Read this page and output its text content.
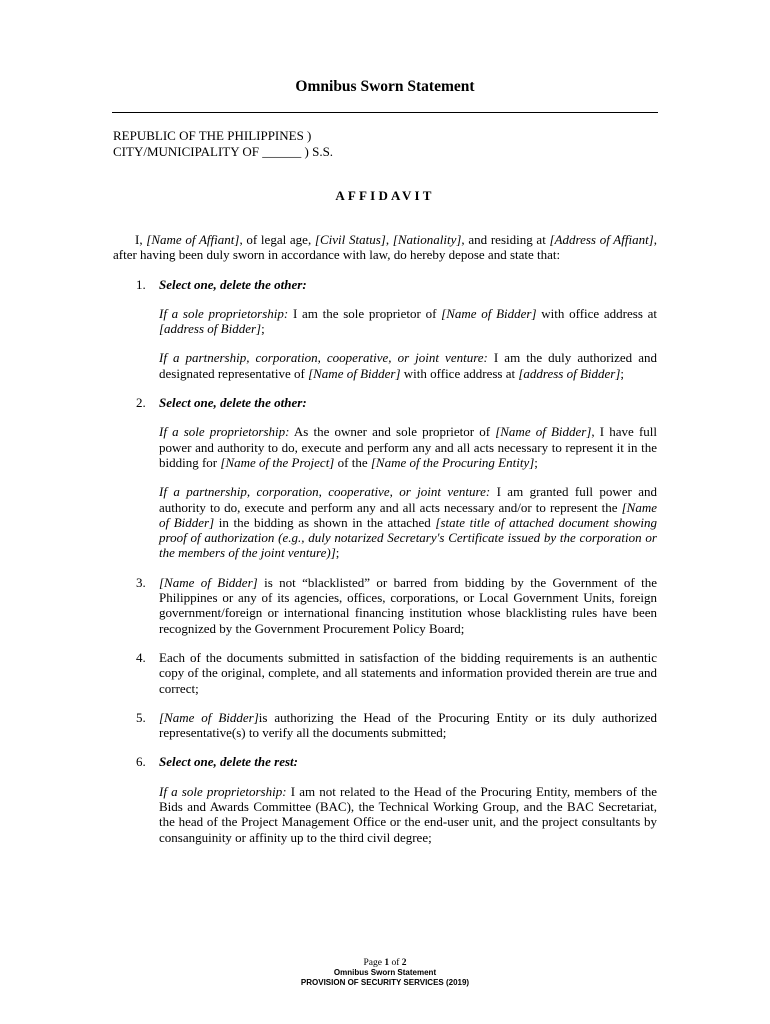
Omnibus Sworn Statement
REPUBLIC OF THE PHILIPPINES )
CITY/MUNICIPALITY OF ______ ) S.S.
AFFIDAVIT

I, [Name of Affiant], of legal age, [Civil Status], [Nationality], and residing at [Address of Affiant], after having been duly sworn in accordance with law, do hereby depose and state that:

1. Select one, delete the other:

If a sole proprietorship: I am the sole proprietor of [Name of Bidder] with office address at [address of Bidder];

If a partnership, corporation, cooperative, or joint venture: I am the duly authorized and designated representative of [Name of Bidder] with office address at [address of Bidder];

2. Select one, delete the other:

If a sole proprietorship: As the owner and sole proprietor of [Name of Bidder], I have full power and authority to do, execute and perform any and all acts necessary to represent it in the bidding for [Name of the Project] of the [Name of the Procuring Entity];

If a partnership, corporation, cooperative, or joint venture: I am granted full power and authority to do, execute and perform any and all acts necessary and/or to represent the [Name of Bidder] in the bidding as shown in the attached [state title of attached document showing proof of authorization (e.g., duly notarized Secretary's Certificate issued by the corporation or the members of the joint venture)];

3. [Name of Bidder] is not “blacklisted” or barred from bidding by the Government of the Philippines or any of its agencies, offices, corporations, or Local Government Units, foreign government/foreign or international financing institution whose blacklisting rules have been recognized by the Government Procurement Policy Board;

4. Each of the documents submitted in satisfaction of the bidding requirements is an authentic copy of the original, complete, and all statements and information provided therein are true and correct;

5. [Name of Bidder]is authorizing the Head of the Procuring Entity or its duly authorized representative(s) to verify all the documents submitted;

6. Select one, delete the rest:

If a sole proprietorship: I am not related to the Head of the Procuring Entity, members of the Bids and Awards Committee (BAC), the Technical Working Group, and the BAC Secretariat, the head of the Project Management Office or the end-user unit, and the project consultants by consanguinity or affinity up to the third civil degree;

Page 1 of 2
Omnibus Sworn Statement
PROVISION OF SECURITY SERVICES (2019)
